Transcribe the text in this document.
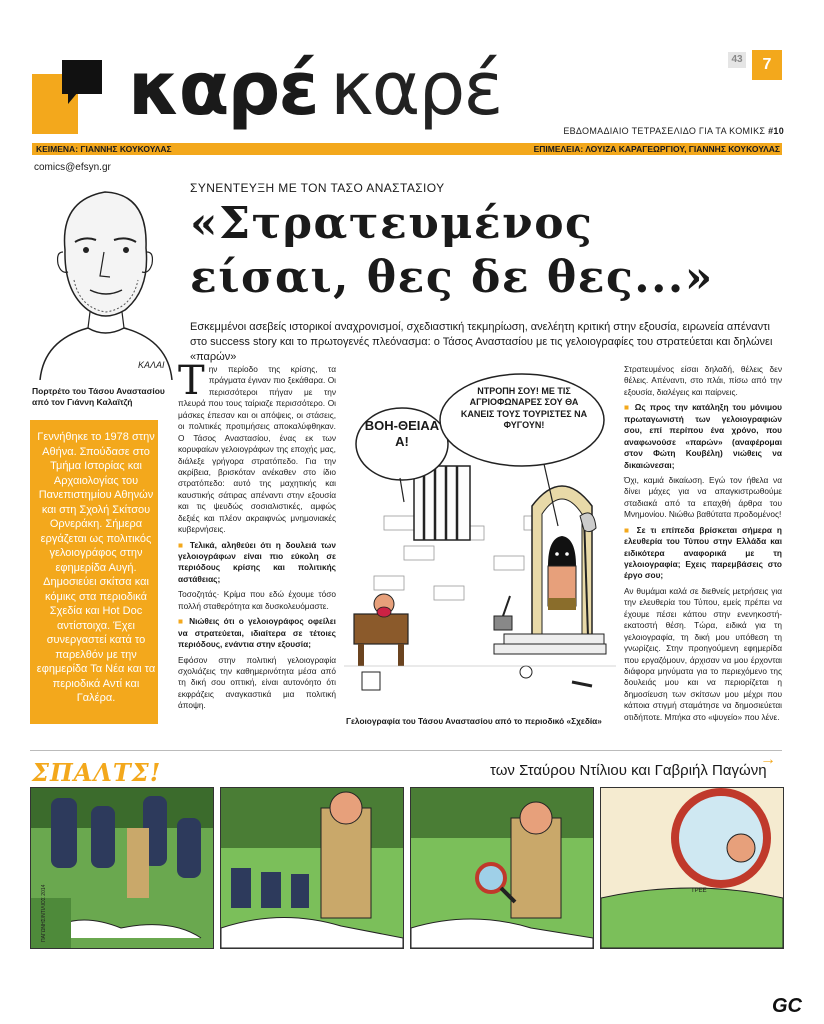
καρέ καρέ	43	7
ΕΒΔΟΜΑΔΙΑΙΟ ΤΕΤΡΑΣΕΛΙΔΟ ΓΙΑ ΤΑ ΚΟΜΙΚΣ #10
ΚΕΙΜΕΝΑ: ΓΙΑΝΝΗΣ ΚΟΥΚΟΥΛΑΣ	ΕΠΙΜΕΛΕΙΑ: ΛΟΥΙΖΑ ΚΑΡΑΓΕΩΡΓΙΟΥ, ΓΙΑΝΝΗΣ ΚΟΥΚΟΥΛΑΣ
comics@efsyn.gr
ΚΑΛΑΙ
Πορτρέτο του Τάσου Αναστασίου από τον Γιάννη Καλαϊτζή
Γεννήθηκε το 1978 στην Αθήνα. Σπούδασε στο Τμήμα Ιστορίας και Αρχαιολογίας του Πανεπιστημίου Αθηνών και στη Σχολή Σκίτσου Ορνεράκη. Σήμερα εργάζεται ως πολιτικός γελοιογράφος στην εφημερίδα Αυγή. Δημοσιεύει σκίτσα και κόμικς στα περιοδικά Σχεδία και Hot Doc αντίστοιχα. Έχει συνεργαστεί κατά το παρελθόν με την εφημερίδα Τα Νέα και τα περιοδικά Αντί και Γαλέρα.
ΣΥΝΕΝΤΕΥΞΗ ΜΕ ΤΟΝ ΤΑΣΟ ΑΝΑΣΤΑΣΙΟΥ
«Στρατευμένος
είσαι, θες δε θες...»
Εσκεμμένοι ασεβείς ιστορικοί αναχρονισμοί, σχεδιαστική τεκμηρίωση, ανελέητη κριτική στην εξουσία, ειρωνεία απέναντι στο success story και το πρωτογενές πλεόνασμα: ο Τάσος Αναστασίου με τις γελοιογραφίες του στρατεύεται και δηλώνει «παρών»

Την περίοδο της κρίσης, τα πράγματα έγιναν πιο ξεκάθαρα. Οι περισσότεροι πήγαν με την πλευρά που τους ταίριαζε περισσότερο. Οι μάσκες έπεσαν και οι απόψεις, οι στάσεις, οι πολιτικές προτιμήσεις αποκαλύφθηκαν. Ο Τάσος Αναστασίου, ένας εκ των κορυφαίων γελοιογράφων της εποχής μας, διάλεξε γρήγορα στρατόπεδο. Για την ακρίβεια, βρισκόταν ανέκαθεν στο ίδιο στρατόπεδο: αυτό της μαχητικής και καυστικής σάτιρας απέναντι στην εξουσία και τις ψευδώς σοσιαλιστικές, αμφώς δεξιές και πλέον ακραιφνώς μνημονιακές κυβερνήσεις.

■ Τελικά, αληθεύει ότι η δουλειά των γελοιογράφων είναι πιο εύκολη σε περιόδους κρίσης και πολιτικής αστάθειας;

Τοσοζητάς· Κρίμα που εδώ έχουμε τόσο πολλή σταθερότητα και δυσκολευόμαστε.

■ Νιώθεις ότι ο γελοιογράφος οφείλει να στρατεύεται, ιδιαίτερα σε τέτοιες περιόδους, ενάντια στην εξουσία;

Εφόσον στην πολιτική γελοιογραφία σχολιάζεις την καθημερινότητα μέσα από τη δική σου οπτική, είναι αυτονόητο ότι εκφράζεις αναγκαστικά μια πολιτική άποψη.

ΒΟΗ-ΘΕΙΑΑΑ!
ΝΤΡΟΠΗ ΣΟΥ! ΜΕ ΤΙΣ ΑΓΡΙΟΦΩΝΑΡΕΣ ΣΟΥ ΘΑ ΚΑΝΕΙΣ ΤΟΥΣ ΤΟΥΡΙΣΤΕΣ ΝΑ ΦΥΓΟΥΝ!
Γελοιογραφία του Τάσου Αναστασίου από το περιοδικό «Σχεδία»

Στρατευμένος είσαι δηλαδή, θέλεις δεν θέλεις. Απέναντι, στο πλάι, πίσω από την εξουσία, διαλέγεις και παίρνεις.

■ Ως προς την κατάληξη του μόνιμου πρωταγωνιστή των γελοιογραφιών σου, επί περίπου ένα χρόνο, που αναφωνούσε «παρών» (αναφέρομαι στον Φώτη Κουβέλη) νιώθεις να δικαιώνεσαι;

Όχι, καμιά δικαίωση. Εγώ τον ήθελα να δίνει μάχες για να απαγκιστρωθούμε σταδιακά από τα επαχθή άρθρα του Μνημονίου. Νιώθω βαθύτατα προδομένος!

■ Σε τι επίπεδα βρίσκεται σήμερα η ελευθερία του Τύπου στην Ελλάδα και ειδικότερα αναφορικά με τη γελοιογραφία; Εχεις παρεμβάσεις στο έργο σου;

Αν θυμάμαι καλά σε διεθνείς μετρήσεις για την ελευθερία του Τύπου, εμείς πρέπει να έχουμε πέσει κάπου στην ενενηκοστή-εκατοστή θέση. Τώρα, ειδικά για τη γελοιογραφία, τη δική μου υπόθεση τη γνωρίζεις. Στην προηγούμενη εφημερίδα που εργαζόμουν, άρχισαν να μου έρχονται διάφορα μηνύματα για το περιεχόμενο της δουλειάς μου και να περιορίζεται η δημοσίευση των σκίτσων μου μέχρι που κάποια στιγμή σταμάτησε να δημοσιεύεται οτιδήποτε. Μπήκα στο «ψυγείο» που λένε.

→
ΣΠΑΛΤΣ!	των Σταύρου Ντίλιου και Γαβριήλ Παγώνη
ΠΑΓΩΝΗΣ/ΝΤΙΛΙΟΣ 2014	ΤΡΕΕ
GC
